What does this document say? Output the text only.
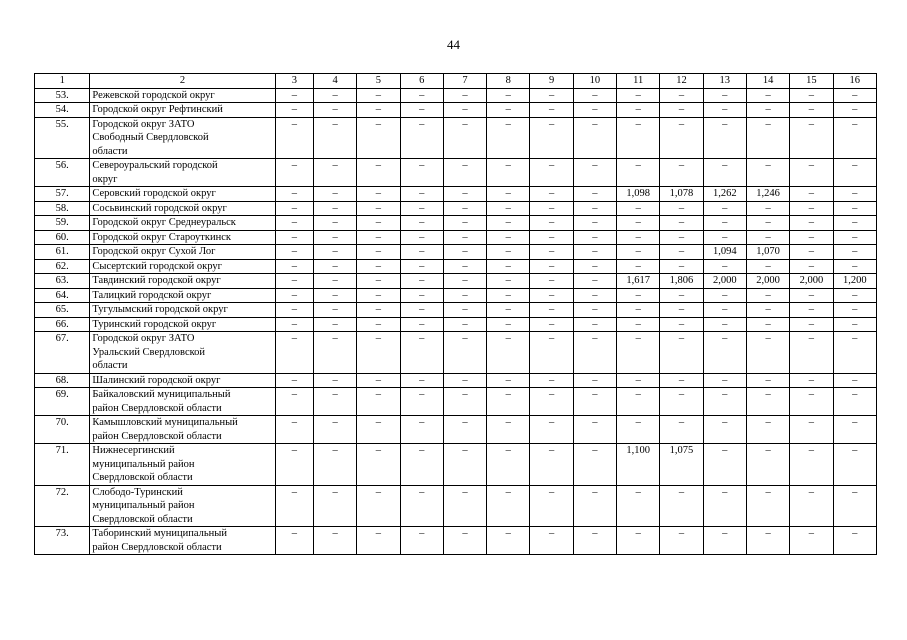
44
1	2	3	4	5	6	7	8	9	10	11	12	13	14	15	16
53.	Режевской городской округ	–	–	–	–	–	–	–	–	–	–	–	–	–	–
54.	Городской округ Рефтинский	–	–	–	–	–	–	–	–	–	–	–	–	–	–
55.	Городской округ ЗАТО
Свободный Свердловской
области	–	–	–	–	–	–	–	–	–	–	–	–	–	–
56.	Североуральский городской
округ	–	–	–	–	–	–	–	–	–	–	–	–	–	–
57.	Серовский городской округ	–	–	–	–	–	–	–	–	1,098	1,078	1,262	1,246	–	–
58.	Сосьвинский городской округ	–	–	–	–	–	–	–	–	–	–	–	–	–	–
59.	Городской округ Среднеуральск	–	–	–	–	–	–	–	–	–	–	–	–	–	–
60.	Городской округ Староуткинск	–	–	–	–	–	–	–	–	–	–	–	–	–	–
61.	Городской округ Сухой Лог	–	–	–	–	–	–	–	–	–	–	1,094	1,070	–	–
62.	Сысертский городской округ	–	–	–	–	–	–	–	–	–	–	–	–	–	–
63.	Тавдинский городской округ	–	–	–	–	–	–	–	–	1,617	1,806	2,000	2,000	2,000	1,200
64.	Талицкий городской округ	–	–	–	–	–	–	–	–	–	–	–	–	–	–
65.	Тугулымский городской округ	–	–	–	–	–	–	–	–	–	–	–	–	–	–
66.	Туринский городской округ	–	–	–	–	–	–	–	–	–	–	–	–	–	–
67.	Городской округ ЗАТО
Уральский Свердловской
области	–	–	–	–	–	–	–	–	–	–	–	–	–	–
68.	Шалинский городской округ	–	–	–	–	–	–	–	–	–	–	–	–	–	–
69.	Байкаловский муниципальный
район Свердловской области	–	–	–	–	–	–	–	–	–	–	–	–	–	–
70.	Камышловский муниципальный
район Свердловской области	–	–	–	–	–	–	–	–	–	–	–	–	–	–
71.	Нижнесергинский
муниципальный район
Свердловской области	–	–	–	–	–	–	–	–	1,100	1,075	–	–	–	–
72.	Слободо-Туринский
муниципальный район
Свердловской области	–	–	–	–	–	–	–	–	–	–	–	–	–	–
73.	Таборинский муниципальный
район Свердловской области	–	–	–	–	–	–	–	–	–	–	–	–	–	–
